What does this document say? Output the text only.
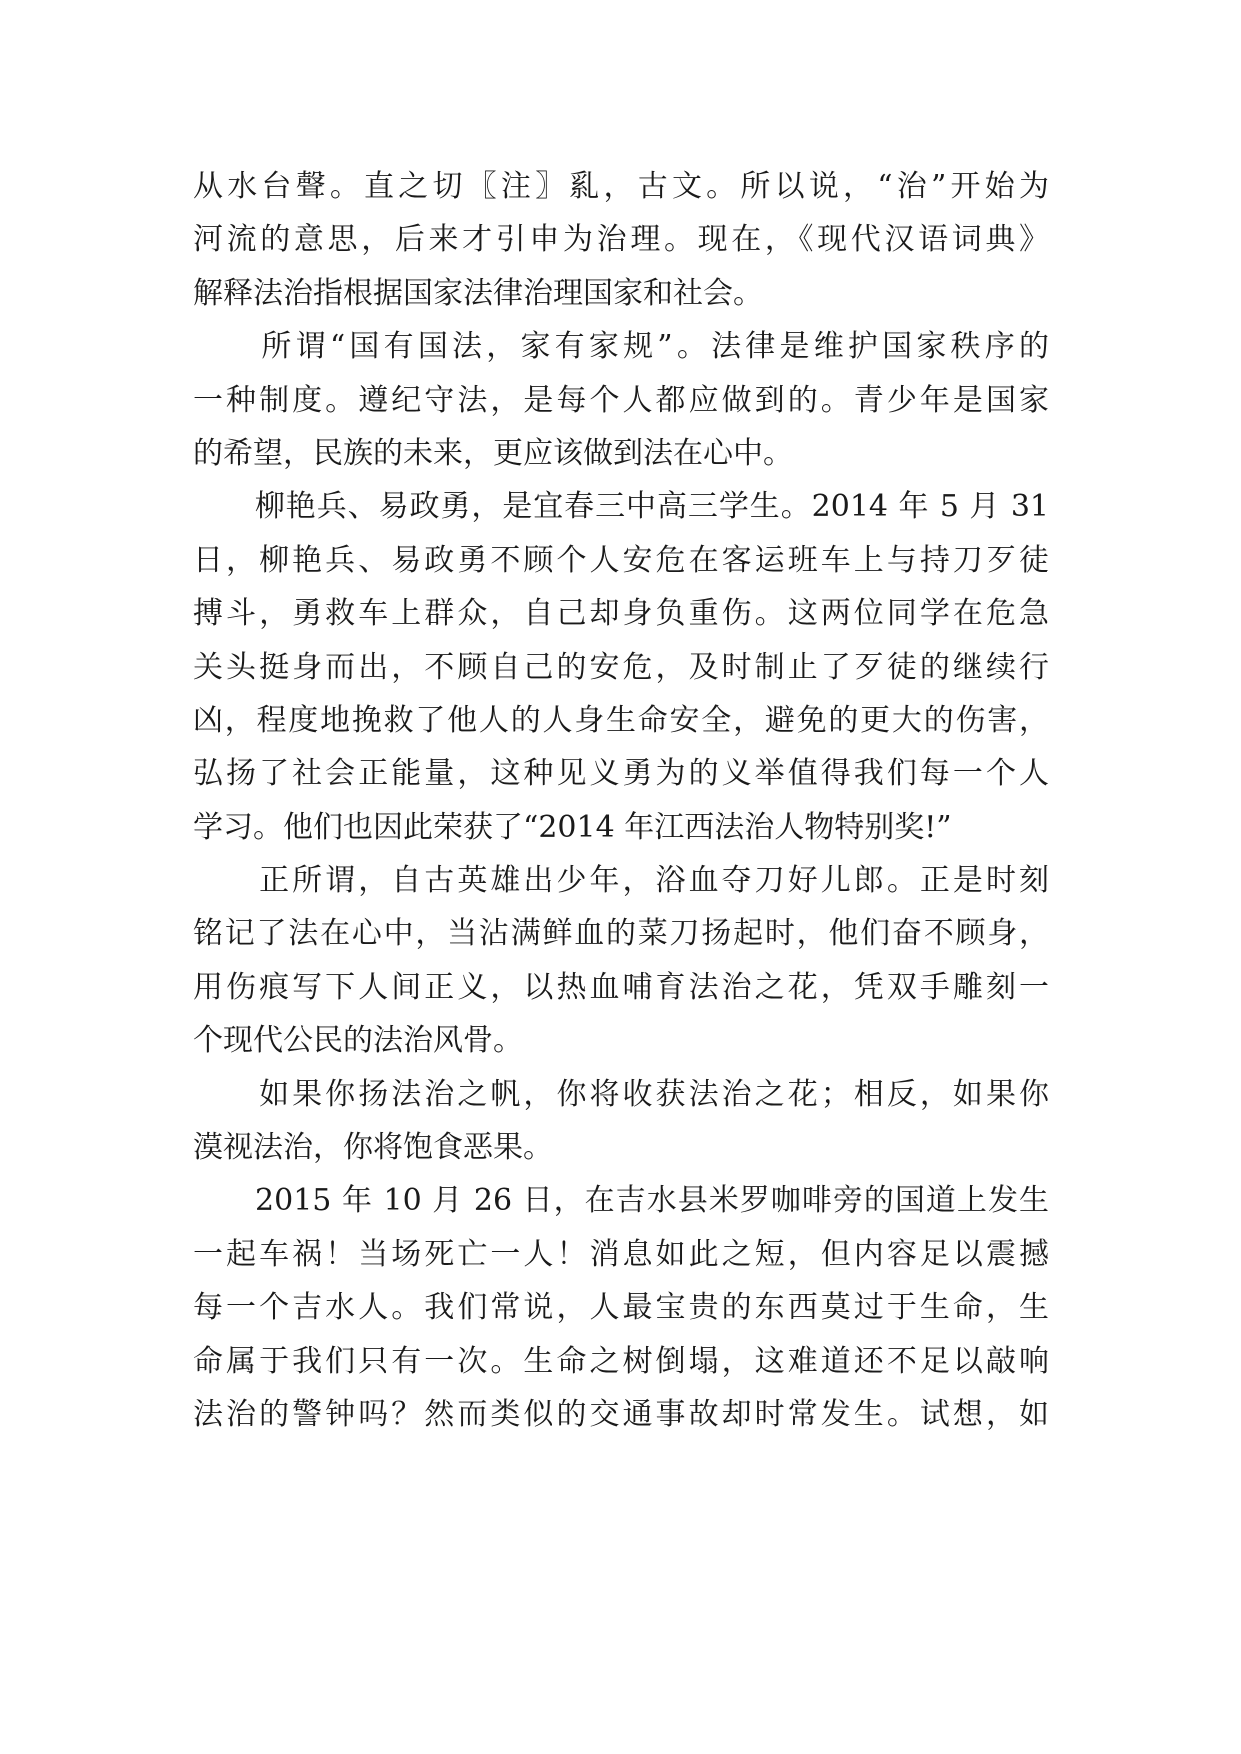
从水台聲。直之切〖注〗乿，古文。所以说，“治”开始为
河流的意思，后来才引申为治理。现在，《现代汉语词典》
解释法治指根据国家法律治理国家和社会。
　　所谓“国有国法，家有家规”。法律是维护国家秩序的
一种制度。遵纪守法，是每个人都应做到的。青少年是国家
的希望，民族的未来，更应该做到法在心中。
　　柳艳兵、易政勇，是宜春三中高三学生。2014 年 5 月 31
日，柳艳兵、易政勇不顾个人安危在客运班车上与持刀歹徒
搏斗，勇救车上群众，自己却身负重伤。这两位同学在危急
关头挺身而出，不顾自己的安危，及时制止了歹徒的继续行
凶，程度地挽救了他人的人身生命安全，避免的更大的伤害，
弘扬了社会正能量，这种见义勇为的义举值得我们每一个人
学习。他们也因此荣获了“2014 年江西法治人物特别奖!”
　　正所谓，自古英雄出少年，浴血夺刀好儿郎。正是时刻
铭记了法在心中，当沾满鲜血的菜刀扬起时，他们奋不顾身，
用伤痕写下人间正义，以热血哺育法治之花，凭双手雕刻一
个现代公民的法治风骨。
　　如果你扬法治之帆，你将收获法治之花；相反，如果你
漠视法治，你将饱食恶果。
　　2015 年 10 月 26 日，在吉水县米罗咖啡旁的国道上发生
一起车祸！当场死亡一人！消息如此之短，但内容足以震撼
每一个吉水人。我们常说，人最宝贵的东西莫过于生命，生
命属于我们只有一次。生命之树倒塌，这难道还不足以敲响
法治的警钟吗？然而类似的交通事故却时常发生。试想，如
